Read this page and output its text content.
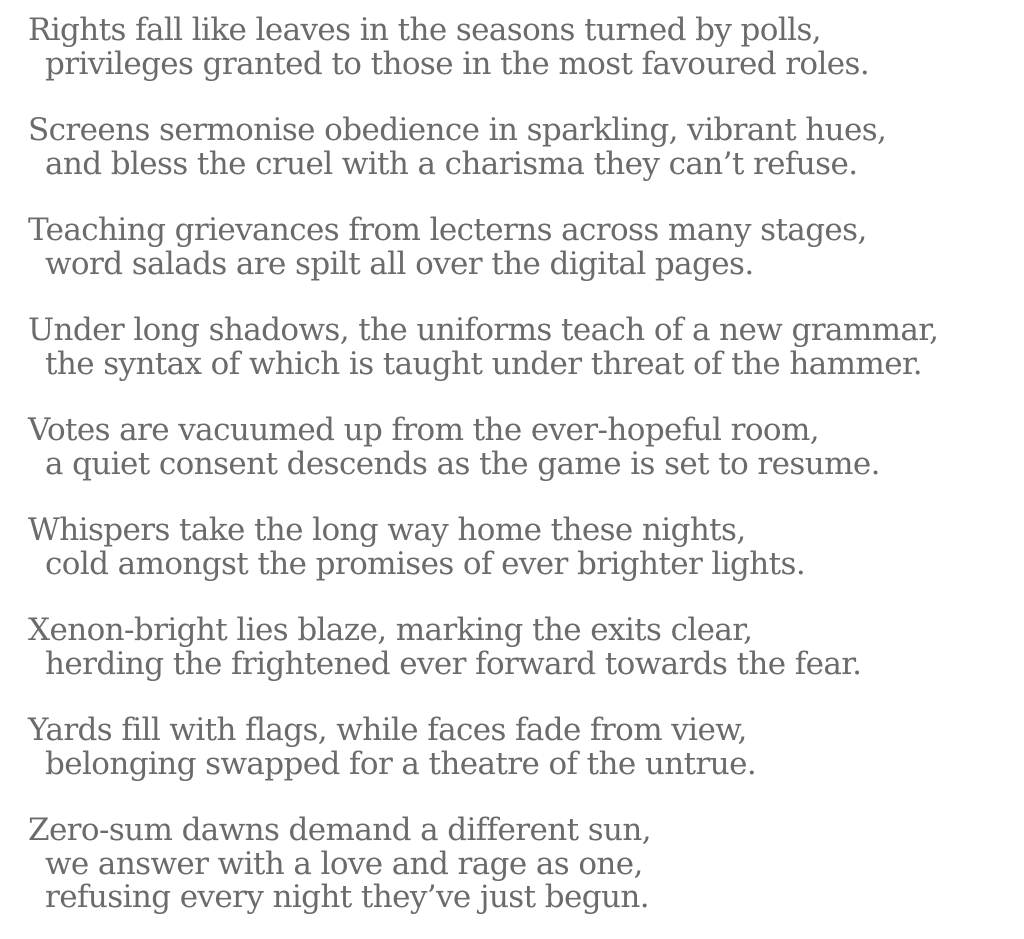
Rights fall like leaves in the seasons turned by polls,
privileges granted to those in the most favoured roles.
Screens sermonise obedience in sparkling, vibrant hues,
and bless the cruel with a charisma they can’t refuse.
Teaching grievances from lecterns across many stages,
word salads are spilt all over the digital pages.
Under long shadows, the uniforms teach of a new grammar,
the syntax of which is taught under threat of the hammer.
Votes are vacuumed up from the ever-hopeful room,
a quiet consent descends as the game is set to resume.
Whispers take the long way home these nights,
cold amongst the promises of ever brighter lights.
Xenon-bright lies blaze, marking the exits clear,
herding the frightened ever forward towards the fear.
Yards fill with flags, while faces fade from view,
belonging swapped for a theatre of the untrue.
Zero-sum dawns demand a different sun,
we answer with a love and rage as one,
refusing every night they’ve just begun.
